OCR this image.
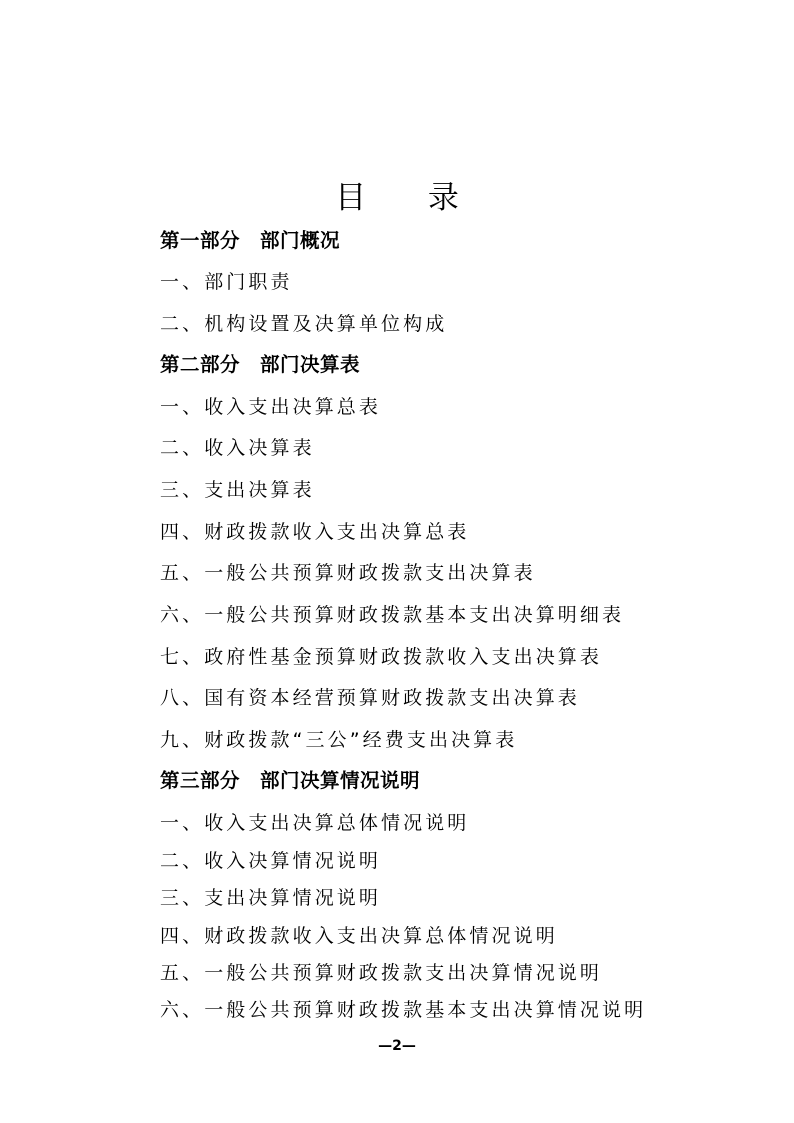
目 录
第一部分　部门概况
一、部门职责
二、机构设置及决算单位构成
第二部分　部门决算表
一、收入支出决算总表
二、收入决算表
三、支出决算表
四、财政拨款收入支出决算总表
五、一般公共预算财政拨款支出决算表
六、一般公共预算财政拨款基本支出决算明细表
七、政府性基金预算财政拨款收入支出决算表
八、国有资本经营预算财政拨款支出决算表
九、财政拨款“三公”经费支出决算表
第三部分　部门决算情况说明
一、收入支出决算总体情况说明
二、收入决算情况说明
三、支出决算情况说明
四、财政拨款收入支出决算总体情况说明
五、一般公共预算财政拨款支出决算情况说明
六、一般公共预算财政拨款基本支出决算情况说明
—2—
